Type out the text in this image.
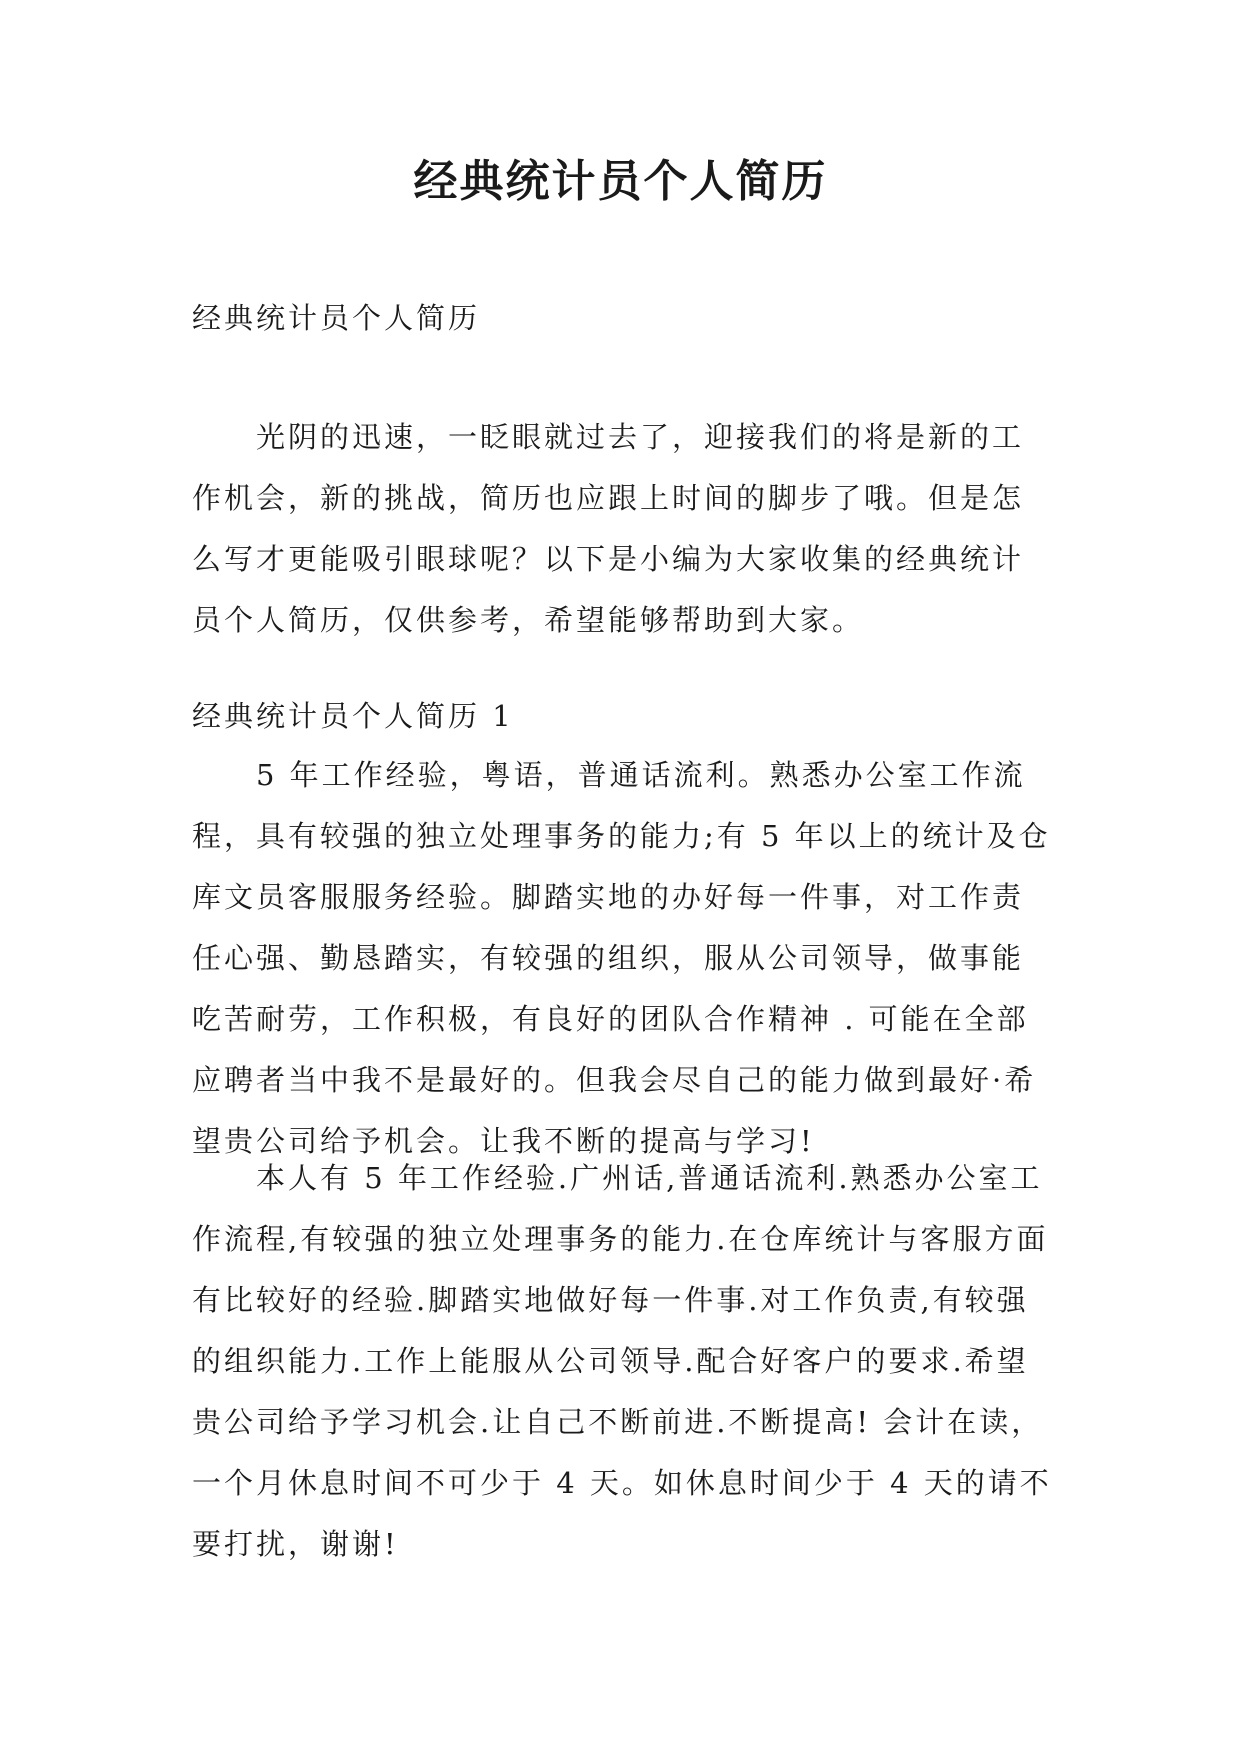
经典统计员个人简历

经典统计员个人简历

光阴的迅速，一眨眼就过去了，迎接我们的将是新的工作机会，新的挑战，简历也应跟上时间的脚步了哦。但是怎么写才更能吸引眼球呢？以下是小编为大家收集的经典统计员个人简历，仅供参考，希望能够帮助到大家。

经典统计员个人简历 1

5 年工作经验，粤语，普通话流利。熟悉办公室工作流程，具有较强的独立处理事务的能力;有 5 年以上的统计及仓库文员客服服务经验。脚踏实地的办好每一件事，对工作责任心强、勤恳踏实，有较强的组织，服从公司领导，做事能吃苦耐劳，工作积极，有良好的团队合作精神 . 可能在全部应聘者当中我不是最好的。但我会尽自己的能力做到最好·希望贵公司给予机会。让我不断的提高与学习!

本人有 5 年工作经验.广州话,普通话流利.熟悉办公室工作流程,有较强的独立处理事务的能力.在仓库统计与客服方面有比较好的经验.脚踏实地做好每一件事.对工作负责,有较强的组织能力.工作上能服从公司领导.配合好客户的要求.希望贵公司给予学习机会.让自己不断前进.不断提高! 会计在读，一个月休息时间不可少于 4 天。如休息时间少于 4 天的请不要打扰，谢谢!
